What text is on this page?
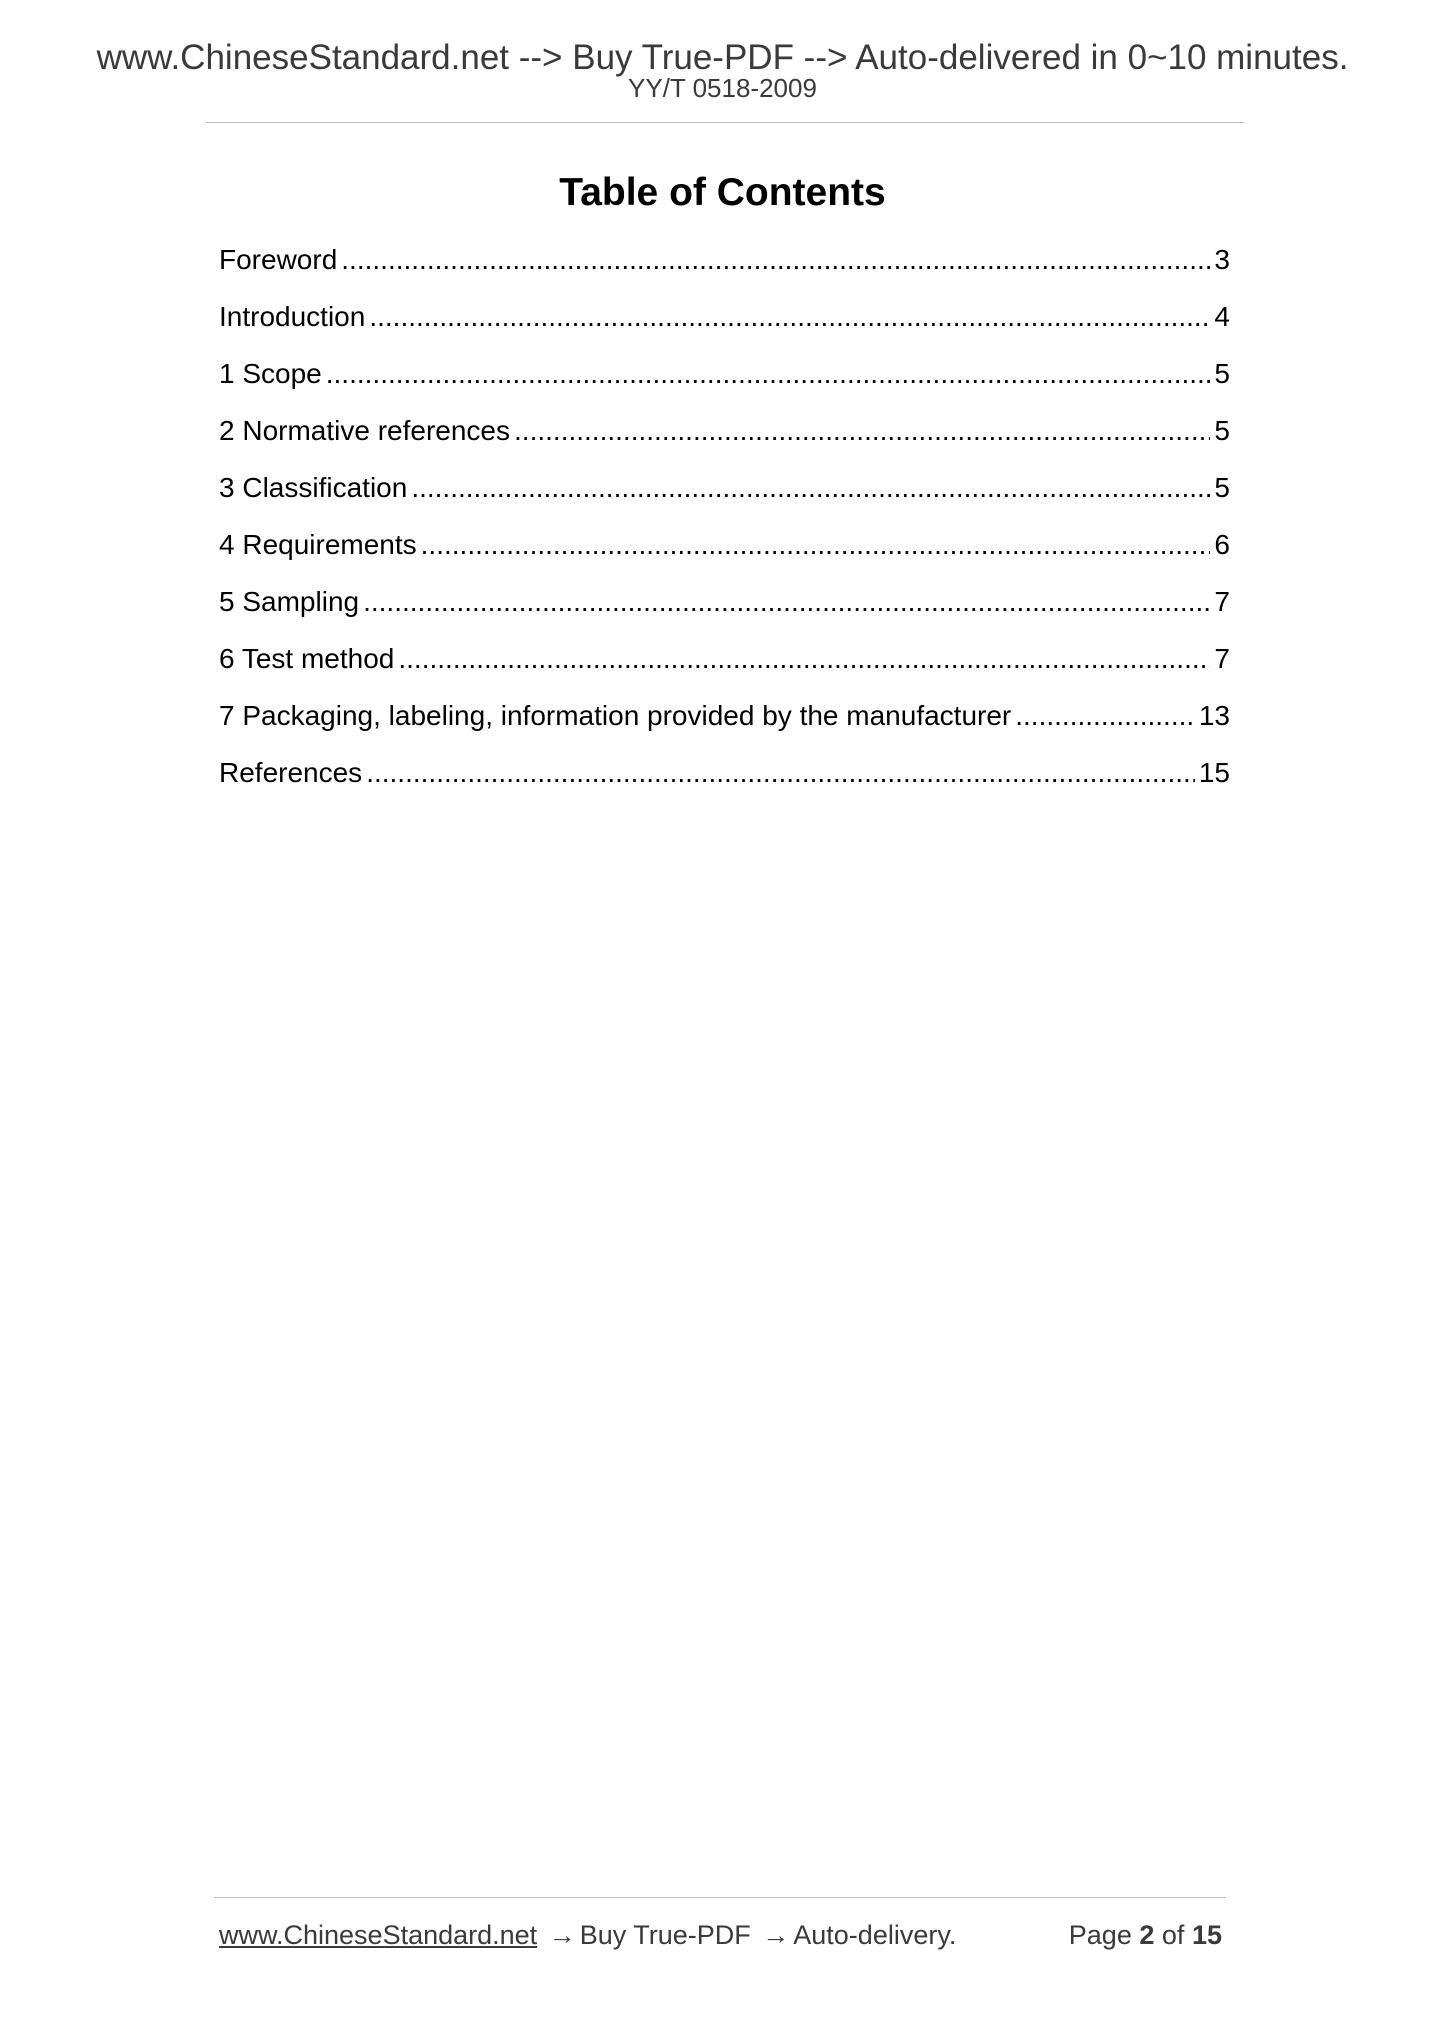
www.ChineseStandard.net --> Buy True-PDF --> Auto-delivered in 0~10 minutes.
YY/T 0518-2009
Table of Contents
Foreword .....	3
Introduction .....	4
1 Scope .....	5
2 Normative references .....	5
3 Classification .....	5
4 Requirements .....	6
5 Sampling .....	7
6 Test method .....	7
7 Packaging, labeling, information provided by the manufacturer .....	13
References .....	15
www.ChineseStandard.net → Buy True-PDF → Auto-delivery.	Page 2 of 15
